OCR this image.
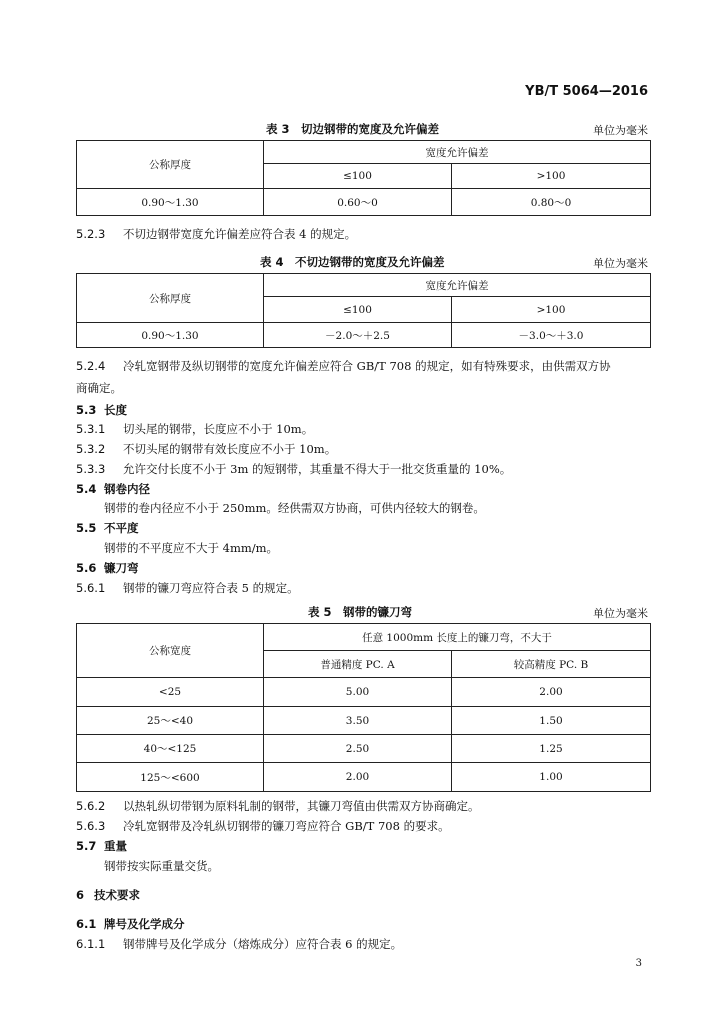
YB/T 5064—2016
表 3　切边钢带的宽度及允许偏差	单位为毫米
公称厚度	宽度允许偏差	
	≤100	>100
0.90～1.30	0.60～0	0.80～0
5.2.3 不切边钢带宽度允许偏差应符合表 4 的规定。
表 4　不切边钢带的宽度及允许偏差	单位为毫米
公称厚度	宽度允许偏差	
	≤100	>100
0.90～1.30	－2.0～＋2.5	－3.0～＋3.0
5.2.4 冷轧宽钢带及纵切钢带的宽度允许偏差应符合 GB/T 708 的规定，如有特殊要求，由供需双方协
商确定。
5.3 长度
5.3.1 切头尾的钢带，长度应不小于 10m。
5.3.2 不切头尾的钢带有效长度应不小于 10m。
5.3.3 允许交付长度不小于 3m 的短钢带，其重量不得大于一批交货重量的 10%。
5.4 钢卷内径
钢带的卷内径应不小于 250mm。经供需双方协商，可供内径较大的钢卷。
5.5 不平度
钢带的不平度应不大于 4mm/m。
5.6 镰刀弯
5.6.1 钢带的镰刀弯应符合表 5 的规定。
表 5　钢带的镰刀弯	单位为毫米
公称宽度	任意 1000mm 长度上的镰刀弯，不大于	
	普通精度 PC. A	较高精度 PC. B
<25	5.00	2.00
25～<40	3.50	1.50
40～<125	2.50	1.25
125～<600	2.00	1.00
5.6.2 以热轧纵切带钢为原料轧制的钢带，其镰刀弯值由供需双方协商确定。
5.6.3 冷轧宽钢带及冷轧纵切钢带的镰刀弯应符合 GB/T 708 的要求。
5.7 重量
钢带按实际重量交货。
6 技术要求
6.1 牌号及化学成分
6.1.1 钢带牌号及化学成分（熔炼成分）应符合表 6 的规定。
3
